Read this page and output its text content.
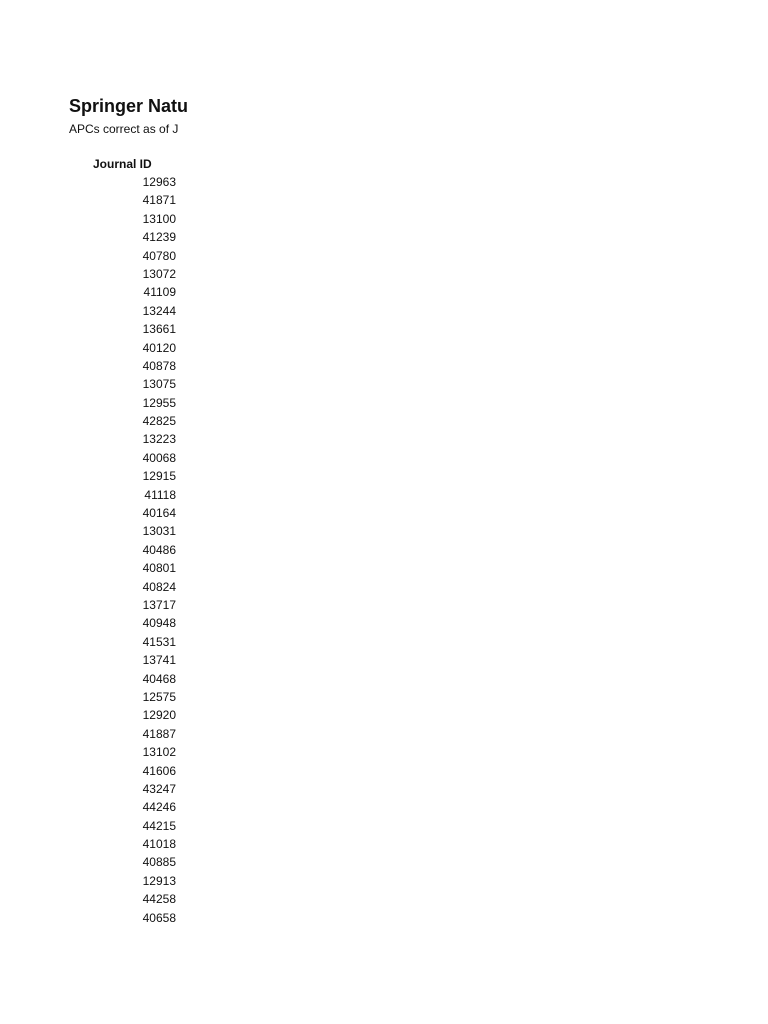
Springer Natu
APCs correct as of J
Journal ID
12963
41871
13100
41239
40780
13072
41109
13244
13661
40120
40878
13075
12955
42825
13223
40068
12915
41118
40164
13031
40486
40801
40824
13717
40948
41531
13741
40468
12575
12920
41887
13102
41606
43247
44246
44215
41018
40885
12913
44258
40658
